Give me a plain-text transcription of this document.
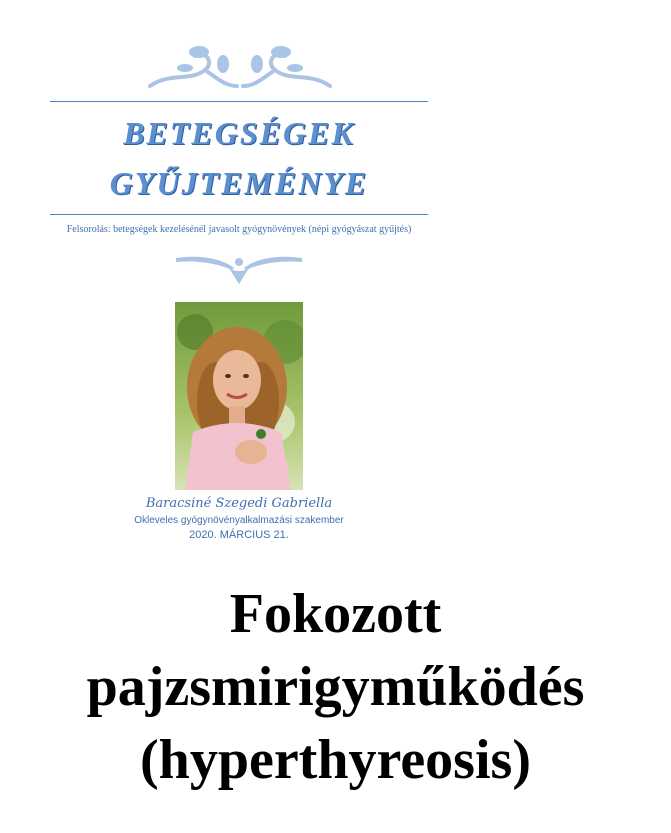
BETEGSÉGEK
GYŰJTEMÉNYE
Felsorolás: betegségek kezelésénél javasolt gyógynövények (népi gyógyászat gyűjtés)
Baracsiné Szegedi Gabriella
Okleveles gyógynövényalkalmazási szakember
2020. MÁRCIUS 21.
Fokozott
pajzsmirigyműködés
(hyperthyreosis)
